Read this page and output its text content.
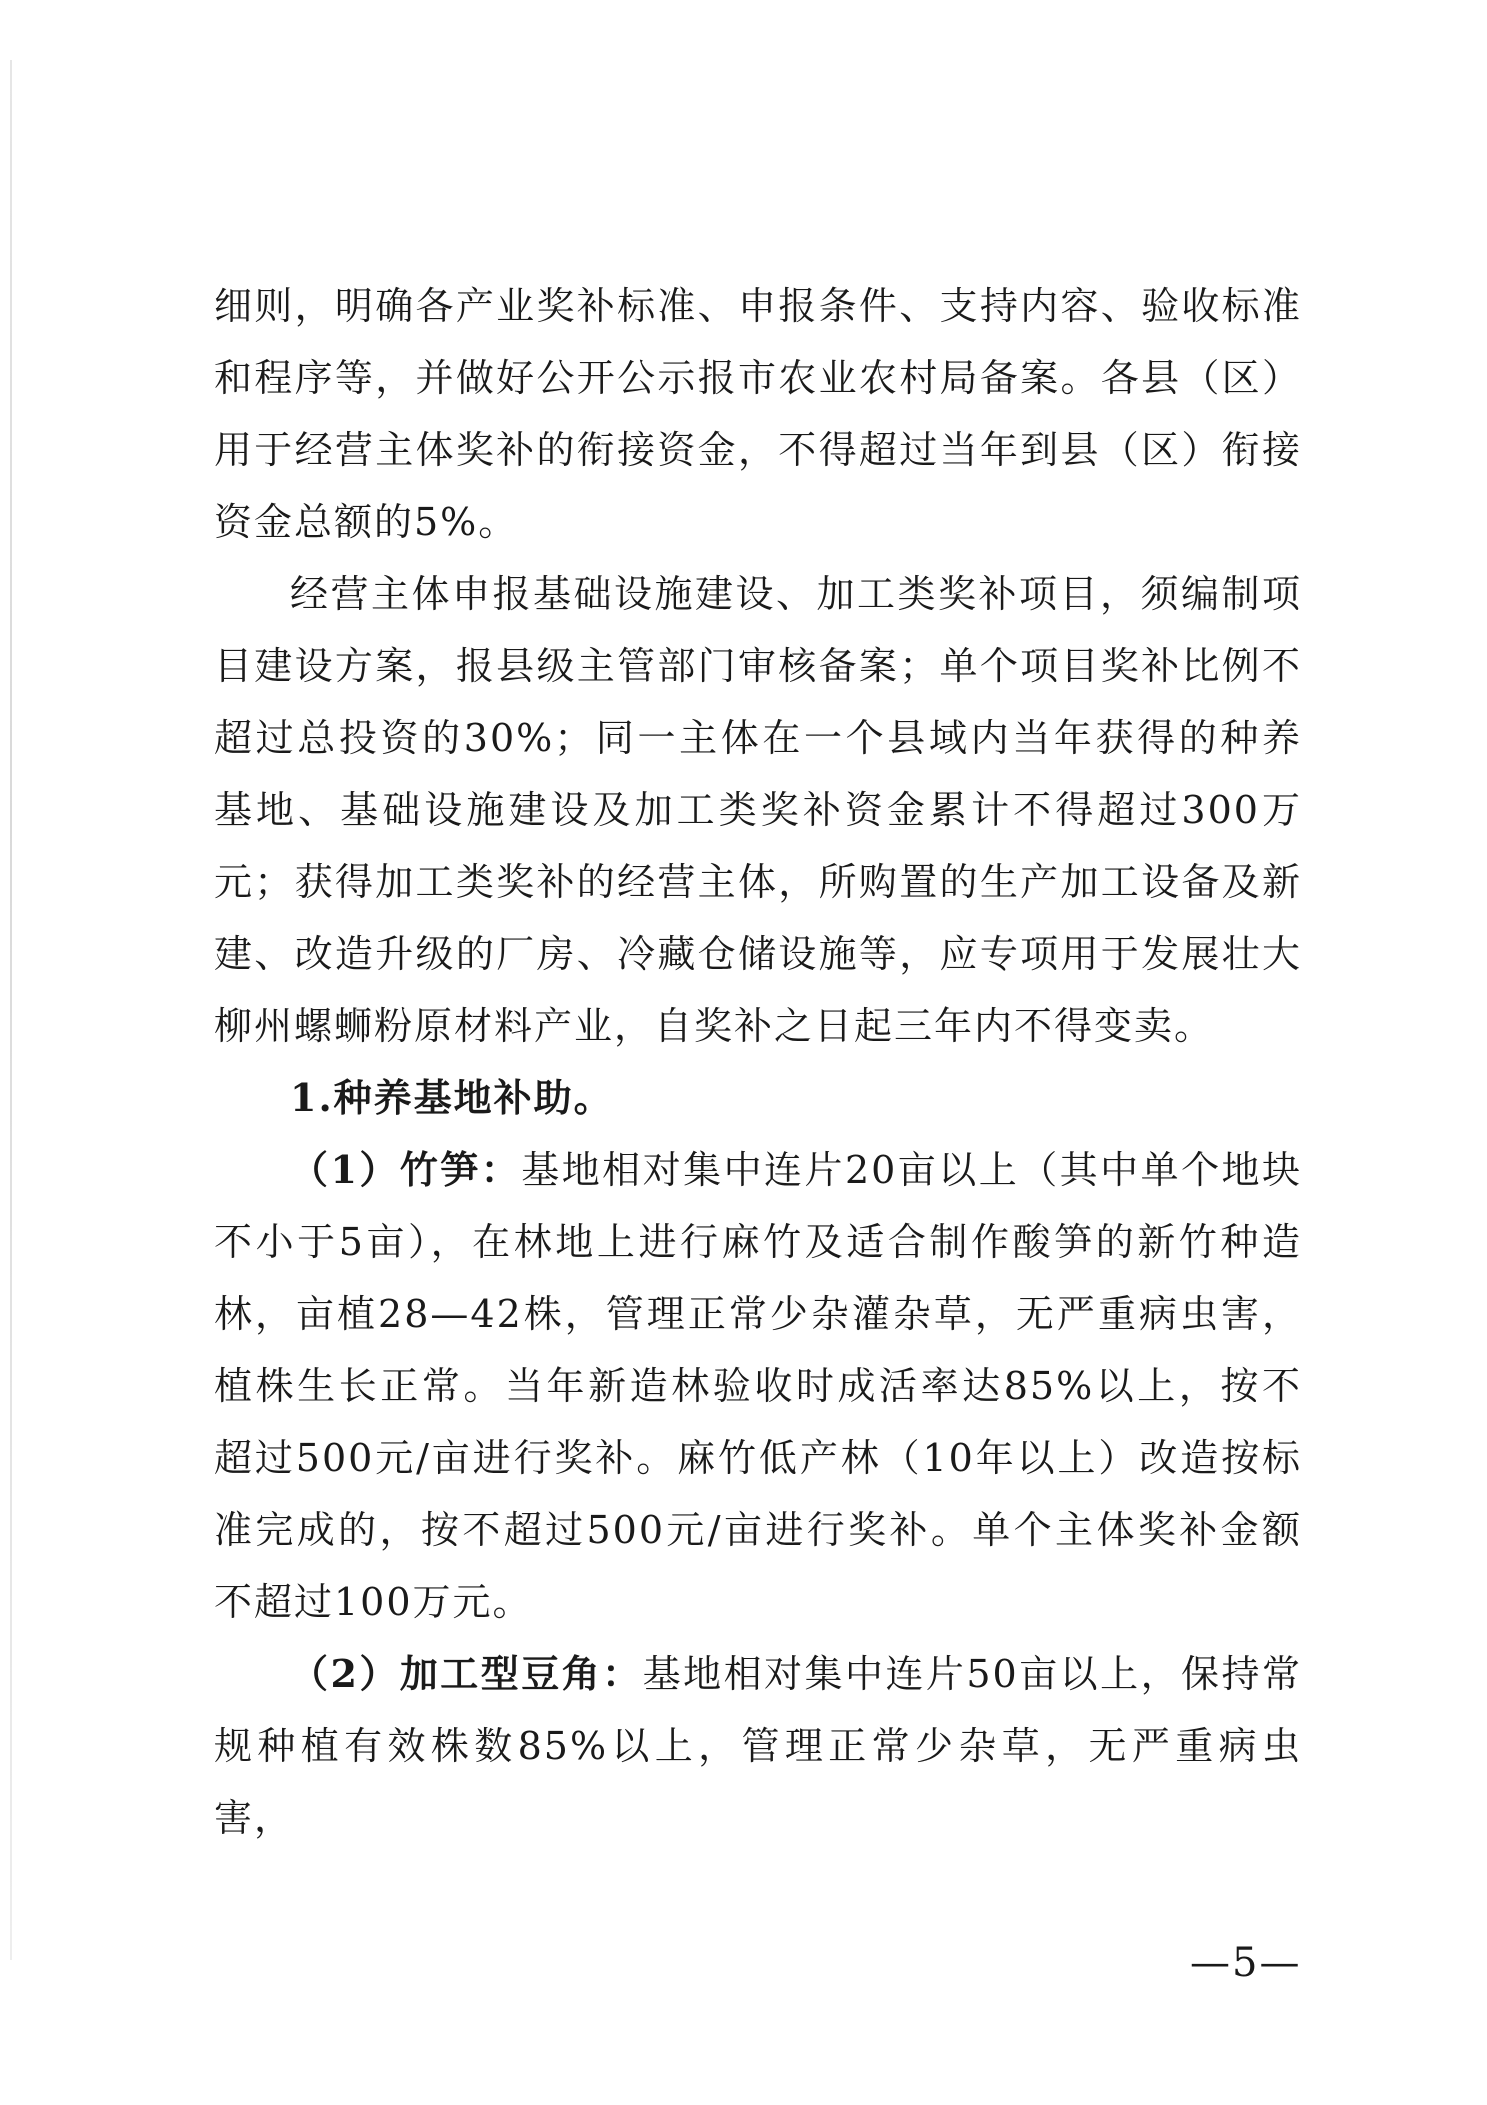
细则，明确各产业奖补标准、申报条件、支持内容、验收标准和程序等，并做好公开公示报市农业农村局备案。各县（区）用于经营主体奖补的衔接资金，不得超过当年到县（区）衔接资金总额的5%。

经营主体申报基础设施建设、加工类奖补项目，须编制项目建设方案，报县级主管部门审核备案；单个项目奖补比例不超过总投资的30%；同一主体在一个县域内当年获得的种养基地、基础设施建设及加工类奖补资金累计不得超过300万元；获得加工类奖补的经营主体，所购置的生产加工设备及新建、改造升级的厂房、冷藏仓储设施等，应专项用于发展壮大柳州螺蛳粉原材料产业，自奖补之日起三年内不得变卖。

1.种养基地补助。

（1）竹笋：基地相对集中连片20亩以上（其中单个地块不小于5亩），在林地上进行麻竹及适合制作酸笋的新竹种造林，亩植28—42株，管理正常少杂灌杂草，无严重病虫害，植株生长正常。当年新造林验收时成活率达85%以上，按不超过500元/亩进行奖补。麻竹低产林（10年以上）改造按标准完成的，按不超过500元/亩进行奖补。单个主体奖补金额不超过100万元。

（2）加工型豆角：基地相对集中连片50亩以上，保持常规种植有效株数85%以上，管理正常少杂草，无严重病虫害，

—5—
